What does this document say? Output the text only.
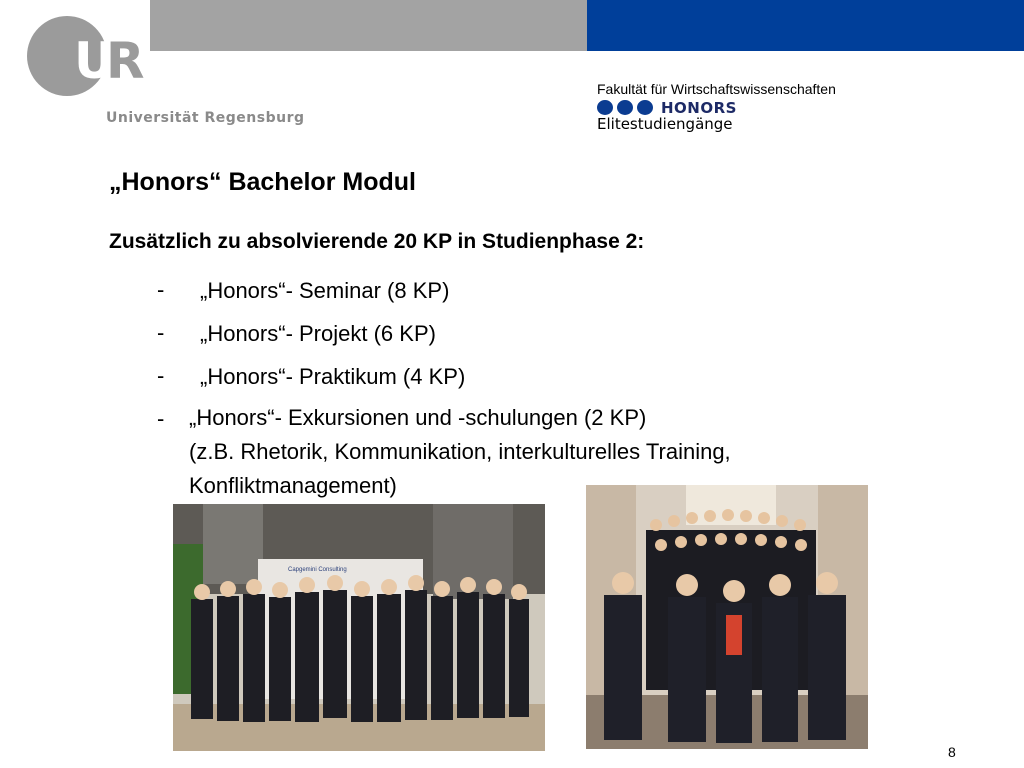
U
R
Universität Regensburg
Fakultät für Wirtschaftswissenschaften
HONORS
Elitestudiengänge
„Honors“ Bachelor Modul
Zusätzlich zu absolvierende 20 KP in Studienphase 2:
- „Honors“- Seminar (8 KP)
- „Honors“- Projekt (6 KP)
- „Honors“- Praktikum (4 KP)
- „Honors“- Exkursionen und -schulungen (2 KP)
(z.B. Rhetorik, Kommunikation, interkulturelles Training,
Konfliktmanagement)
Capgemini Consulting
8
